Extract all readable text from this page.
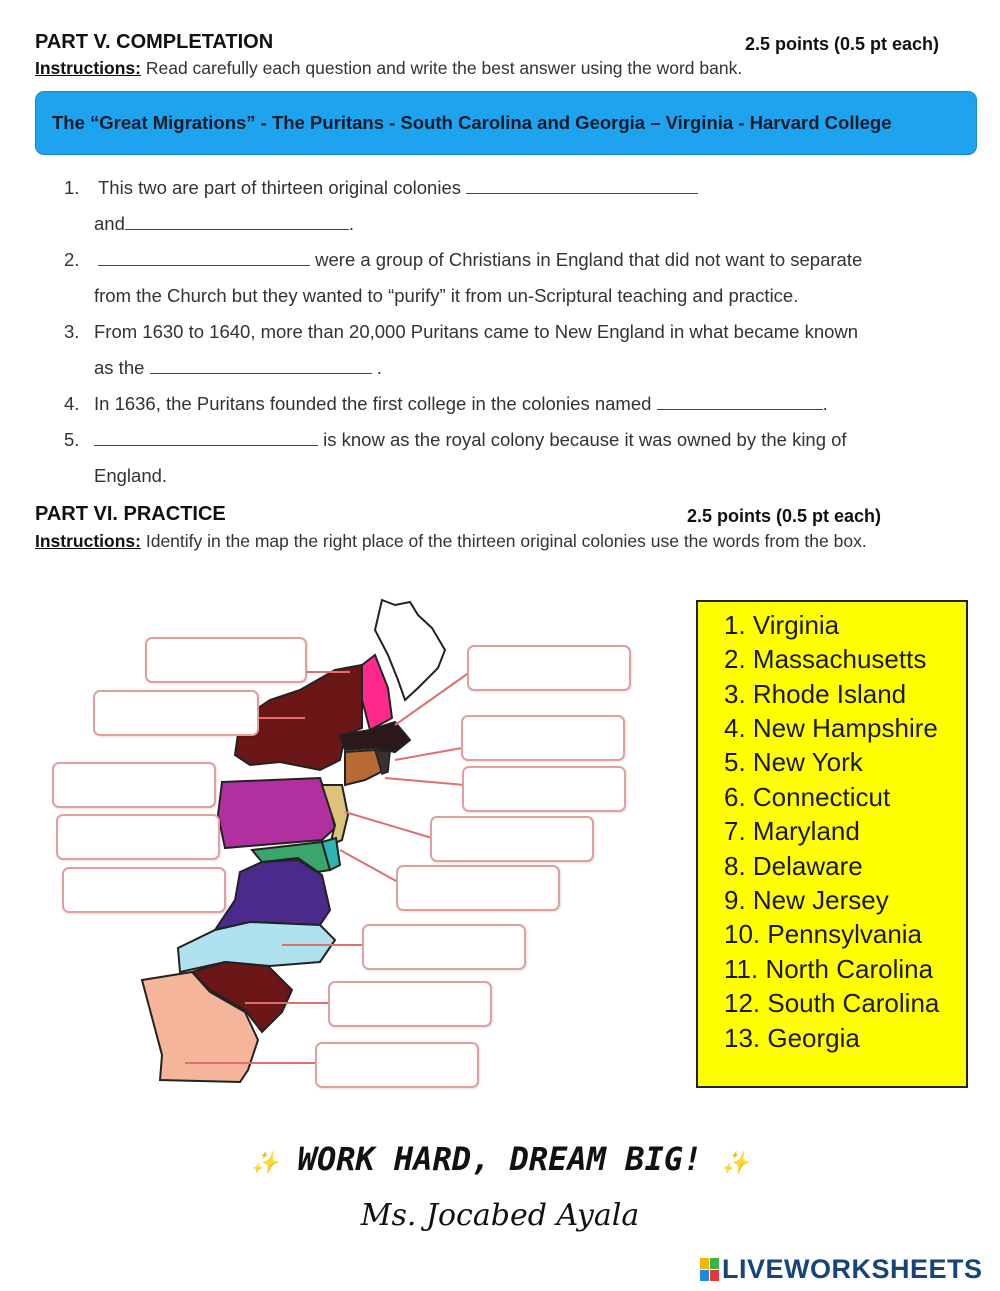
PART V. COMPLETATION	2.5 points (0.5 pt each)
Instructions: Read carefully each question and write the best answer using the word bank.
The “Great Migrations” - The Puritans - South Carolina and Georgia – Virginia - Harvard College
1.	This two are part of thirteen original colonies
and	.
2.	were a group of Christians in England that did not want to separate
from the Church but they wanted to “purify” it from un-Scriptural teaching and practice.
3. From 1630 to 1640, more than 20,000 Puritans came to New England in what became known
as the	.
4. In 1636, the Puritans founded the first college in the colonies named	.
5.	is know as the royal colony because it was owned by the king of
England.
PART VI. PRACTICE	2.5 points (0.5 pt each)
Instructions: Identify in the map the right place of the thirteen original colonies use the words from the box.
1. Virginia
2. Massachusetts
3. Rhode Island
4. New Hampshire
5. New York
6. Connecticut
7. Maryland
8. Delaware
9. New Jersey
10. Pennsylvania
11. North Carolina
12. South Carolina
13. Georgia
✨ WORK HARD, DREAM BIG! ✨
Ms. Jocabed Ayala
LIVEWORKSHEETS
